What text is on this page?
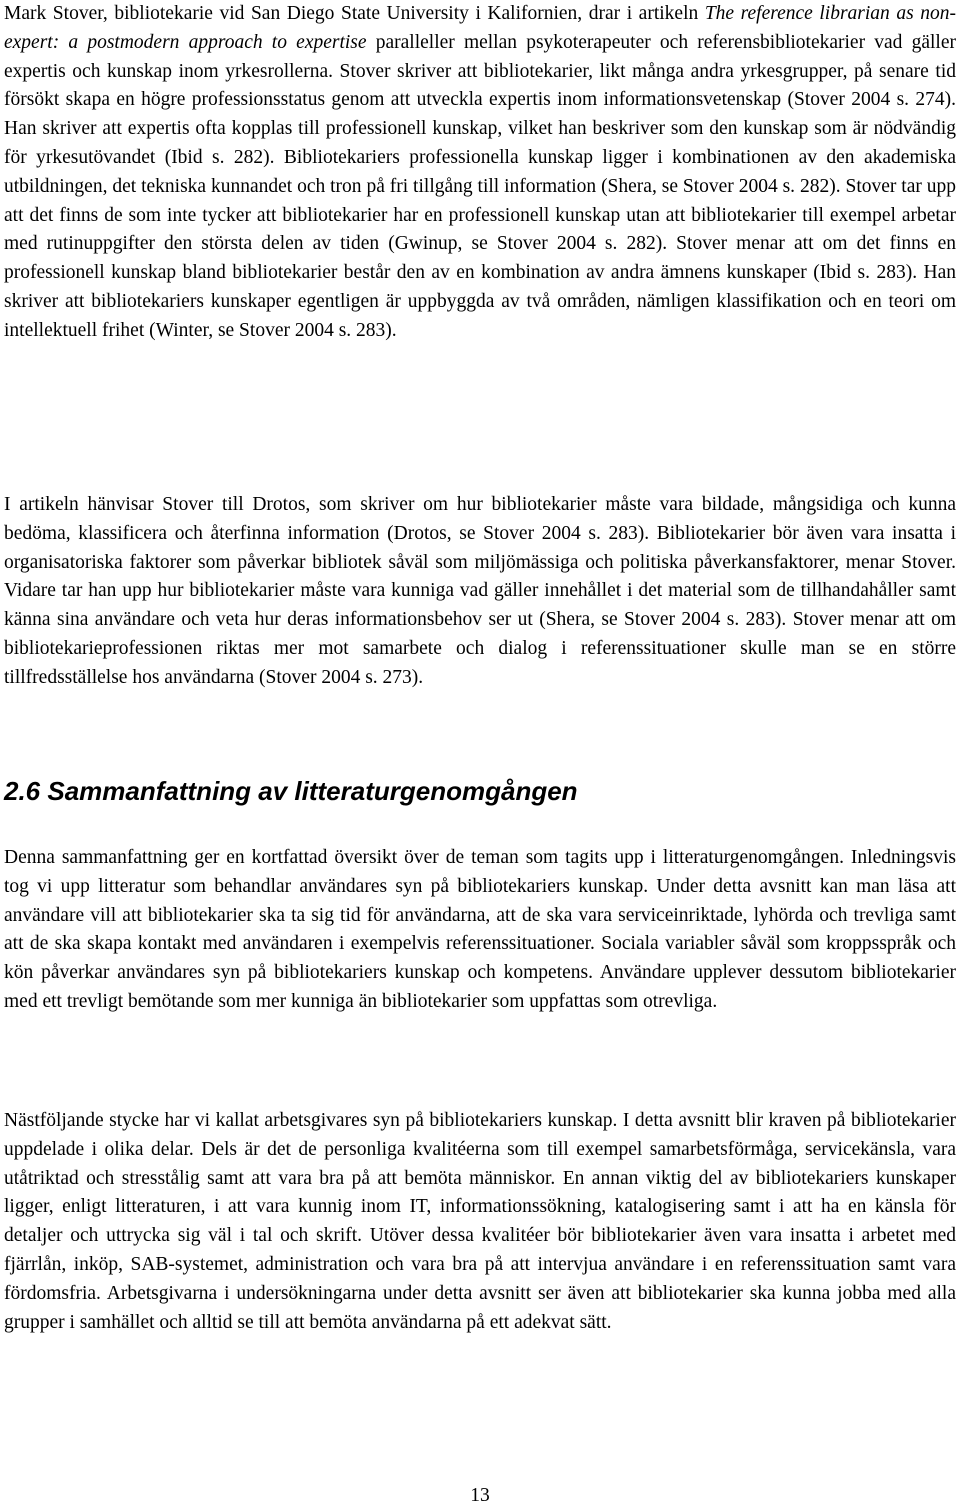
Mark Stover, bibliotekarie vid San Diego State University i Kalifornien, drar i artikeln The reference librarian as non-expert: a postmodern approach to expertise paralleller mellan psykoterapeuter och referensbibliotekarier vad gäller expertis och kunskap inom yrkesrollerna. Stover skriver att bibliotekarier, likt många andra yrkesgrupper, på senare tid försökt skapa en högre professionsstatus genom att utveckla expertis inom informationsvetenskap (Stover 2004 s. 274). Han skriver att expertis ofta kopplas till professionell kunskap, vilket han beskriver som den kunskap som är nödvändig för yrkesutövandet (Ibid s. 282). Bibliotekariers professionella kunskap ligger i kombinationen av den akademiska utbildningen, det tekniska kunnandet och tron på fri tillgång till information (Shera, se Stover 2004 s. 282). Stover tar upp att det finns de som inte tycker att bibliotekarier har en professionell kunskap utan att bibliotekarier till exempel arbetar med rutinuppgifter den största delen av tiden (Gwinup, se Stover 2004 s. 282). Stover menar att om det finns en professionell kunskap bland bibliotekarier består den av en kombination av andra ämnens kunskaper (Ibid s. 283). Han skriver att bibliotekariers kunskaper egentligen är uppbyggda av två områden, nämligen klassifikation och en teori om intellektuell frihet (Winter, se Stover 2004 s. 283).

I artikeln hänvisar Stover till Drotos, som skriver om hur bibliotekarier måste vara bildade, mångsidiga och kunna bedöma, klassificera och återfinna information (Drotos, se Stover 2004 s. 283). Bibliotekarier bör även vara insatta i organisatoriska faktorer som påverkar bibliotek såväl som miljömässiga och politiska påverkansfaktorer, menar Stover. Vidare tar han upp hur bibliotekarier måste vara kunniga vad gäller innehållet i det material som de tillhandahåller samt känna sina användare och veta hur deras informationsbehov ser ut (Shera, se Stover 2004 s. 283). Stover menar att om bibliotekarieprofessionen riktas mer mot samarbete och dialog i referenssituationer skulle man se en större tillfredsställelse hos användarna (Stover 2004 s. 273).

2.6 Sammanfattning av litteraturgenomgången

Denna sammanfattning ger en kortfattad översikt över de teman som tagits upp i litteraturgenomgången. Inledningsvis tog vi upp litteratur som behandlar användares syn på bibliotekariers kunskap. Under detta avsnitt kan man läsa att användare vill att bibliotekarier ska ta sig tid för användarna, att de ska vara serviceinriktade, lyhörda och trevliga samt att de ska skapa kontakt med användaren i exempelvis referenssituationer. Sociala variabler såväl som kroppsspråk och kön påverkar användares syn på bibliotekariers kunskap och kompetens. Användare upplever dessutom bibliotekarier med ett trevligt bemötande som mer kunniga än bibliotekarier som uppfattas som otrevliga.

Nästföljande stycke har vi kallat arbetsgivares syn på bibliotekariers kunskap. I detta avsnitt blir kraven på bibliotekarier uppdelade i olika delar. Dels är det de personliga kvalitéerna som till exempel samarbetsförmåga, servicekänsla, vara utåtriktad och stresstålig samt att vara bra på att bemöta människor. En annan viktig del av bibliotekariers kunskaper ligger, enligt litteraturen, i att vara kunnig inom IT, informationssökning, katalogisering samt i att ha en känsla för detaljer och uttrycka sig väl i tal och skrift. Utöver dessa kvalitéer bör bibliotekarier även vara insatta i arbetet med fjärrlån, inköp, SAB-systemet, administration och vara bra på att intervjua användare i en referenssituation samt vara fördomsfria. Arbetsgivarna i undersökningarna under detta avsnitt ser även att bibliotekarier ska kunna jobba med alla grupper i samhället och alltid se till att bemöta användarna på ett adekvat sätt.

13
